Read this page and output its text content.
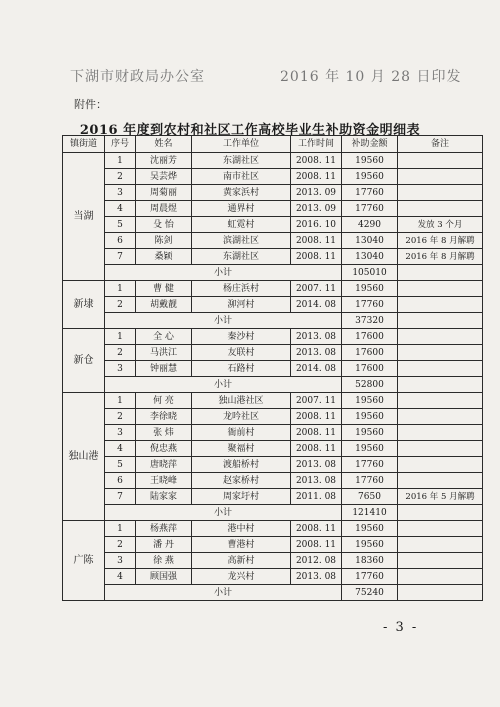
下湖市财政局办公室	2016 年 10 月 28 日印发
附件：
2016 年度到农村和社区工作高校毕业生补助资金明细表
镇街道	序号	姓名	工作单位	工作时间	补助金额	备注
当湖	1	沈丽芳	东湖社区	2008. 11	19560	
	2	吴芸烨	南市社区	2008. 11	19560	
	3	周菊丽	黄家浜村	2013. 09	17760	
	4	周晨煜	通界村	2013. 09	17760	
	5	殳 怡	虹霓村	2016. 10	4290	发放 3 个月
	6	陈剑	滨湖社区	2008. 11	13040	2016 年 8 月解聘
	7	桑颖	东湖社区	2008. 11	13040	2016 年 8 月解聘
	小计				105010	
新埭	1	曹 健	杨庄浜村	2007. 11	19560	
	2	胡戴靓	泖河村	2014. 08	17760	
	小计				37320	
新仓	1	全 心	秦沙村	2013. 08	17600	
	2	马洪江	友联村	2013. 08	17600	
	3	钟丽慧	石路村	2014. 08	17600	
	小计				52800	
独山港	1	何 亮	独山港社区	2007. 11	19560	
	2	李徐晓	龙吟社区	2008. 11	19560	
	3	张 炜	衙前村	2008. 11	19560	
	4	倪忠燕	聚福村	2008. 11	19560	
	5	唐晓萍	渡船桥村	2013. 08	17760	
	6	王晓峰	赵家桥村	2013. 08	17760	
	7	陆家家	周家圩村	2011. 08	7650	2016 年 5 月解聘
	小计				121410	
广陈	1	杨燕萍	港中村	2008. 11	19560	
	2	潘 丹	曹港村	2008. 11	19560	
	3	徐 燕	高新村	2012. 08	18360	
	4	顾国强	龙兴村	2013. 08	17760	
	小计				75240	
- 3 -
